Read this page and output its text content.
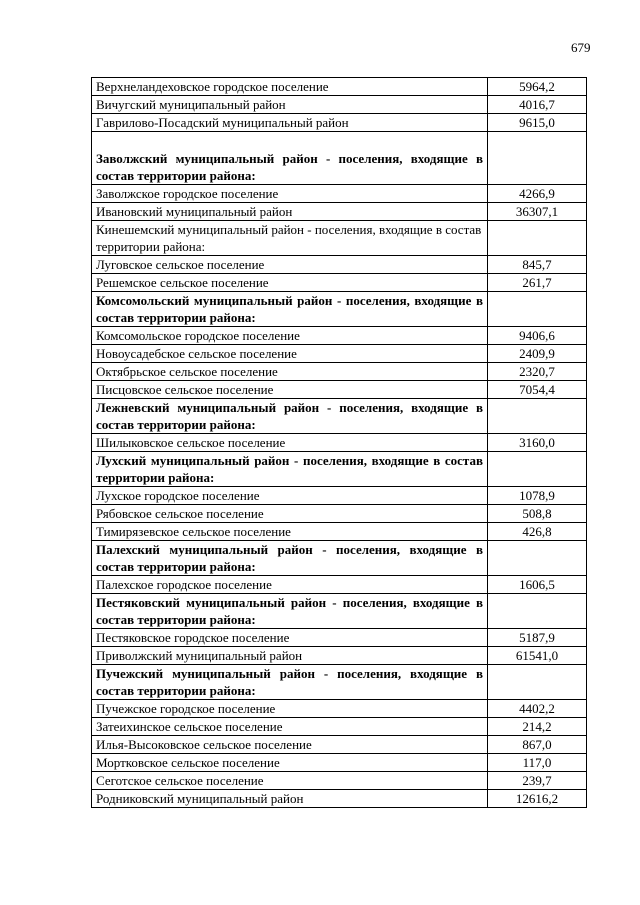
679
Верхнеландеховское городское поселение	5964,2
Вичугский муниципальный район	4016,7
Гаврилово-Посадский муниципальный район	9615,0
Заволжский муниципальный район - поселения, входящие в состав территории района:	
Заволжское городское поселение	4266,9
Ивановский муниципальный район	36307,1
Кинешемский муниципальный район - поселения, входящие в состав территории района:	
Луговское сельское поселение	845,7
Решемское сельское поселение	261,7
Комсомольский муниципальный район - поселения, входящие в состав территории района:	
Комсомольское городское поселение	9406,6
Новоусадебское сельское поселение	2409,9
Октябрьское сельское поселение	2320,7
Писцовское сельское поселение	7054,4
Лежневский муниципальный район - поселения, входящие в состав территории района:	
Шилыковское сельское поселение	3160,0
Лухский муниципальный район - поселения, входящие в состав территории района:	
Лухское городское поселение	1078,9
Рябовское сельское поселение	508,8
Тимирязевское сельское поселение	426,8
Палехский муниципальный район - поселения, входящие в состав территории района:	
Палехское городское поселение	1606,5
Пестяковский муниципальный район - поселения, входящие в состав территории района:	
Пестяковское городское поселение	5187,9
Приволжский муниципальный район	61541,0
Пучежский муниципальный район - поселения, входящие в состав территории района:	
Пучежское городское поселение	4402,2
Затеихинское сельское поселение	214,2
Илья-Высоковское сельское поселение	867,0
Мортковское сельское поселение	117,0
Сеготское сельское поселение	239,7
Родниковский муниципальный район	12616,2
